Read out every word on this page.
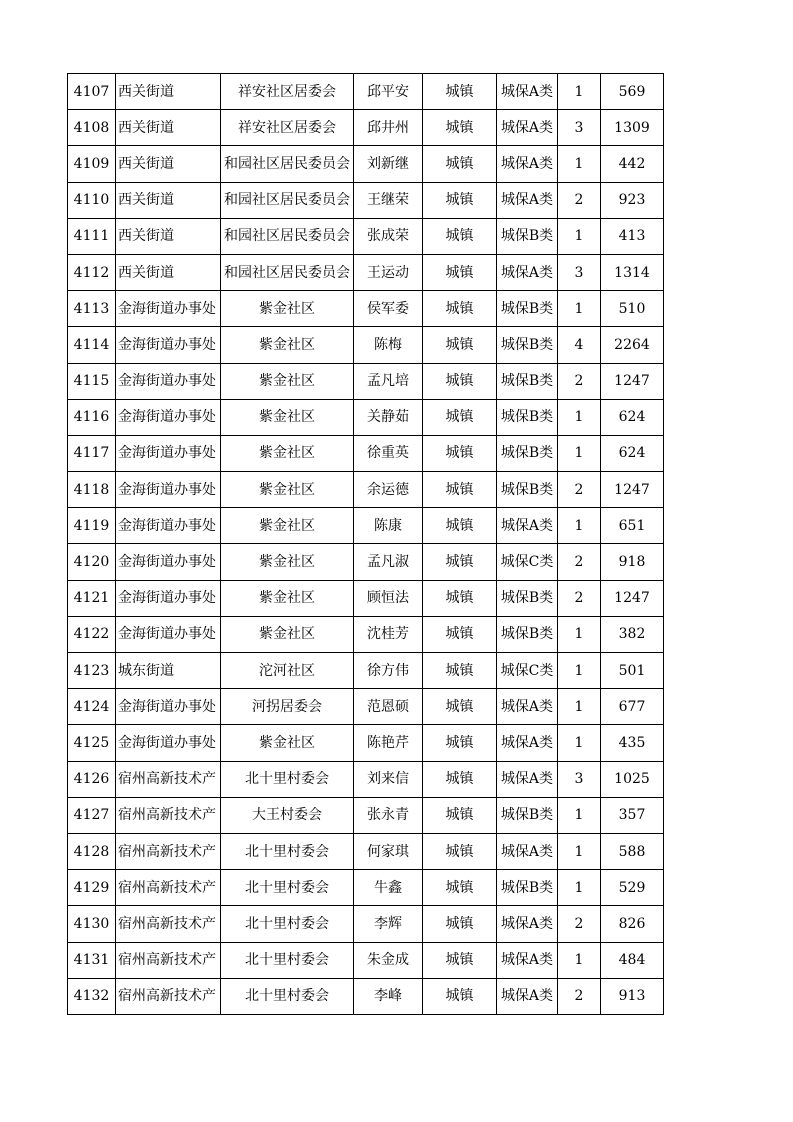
4107	西关街道	祥安社区居委会	邱平安	城镇	城保A类	1	569
4108	西关街道	祥安社区居委会	邱井州	城镇	城保A类	3	1309
4109	西关街道	和园社区居民委员会	刘新继	城镇	城保A类	1	442
4110	西关街道	和园社区居民委员会	王继荣	城镇	城保A类	2	923
4111	西关街道	和园社区居民委员会	张成荣	城镇	城保B类	1	413
4112	西关街道	和园社区居民委员会	王运动	城镇	城保A类	3	1314
4113	金海街道办事处	紫金社区	侯军委	城镇	城保B类	1	510
4114	金海街道办事处	紫金社区	陈梅	城镇	城保B类	4	2264
4115	金海街道办事处	紫金社区	孟凡培	城镇	城保B类	2	1247
4116	金海街道办事处	紫金社区	关静茹	城镇	城保B类	1	624
4117	金海街道办事处	紫金社区	徐重英	城镇	城保B类	1	624
4118	金海街道办事处	紫金社区	余运德	城镇	城保B类	2	1247
4119	金海街道办事处	紫金社区	陈康	城镇	城保A类	1	651
4120	金海街道办事处	紫金社区	孟凡淑	城镇	城保C类	2	918
4121	金海街道办事处	紫金社区	顾恒法	城镇	城保B类	2	1247
4122	金海街道办事处	紫金社区	沈桂芳	城镇	城保B类	1	382
4123	城东街道	沱河社区	徐方伟	城镇	城保C类	1	501
4124	金海街道办事处	河拐居委会	范恩硕	城镇	城保A类	1	677
4125	金海街道办事处	紫金社区	陈艳芹	城镇	城保A类	1	435
4126	宿州高新技术产	北十里村委会	刘来信	城镇	城保A类	3	1025
4127	宿州高新技术产	大王村委会	张永青	城镇	城保B类	1	357
4128	宿州高新技术产	北十里村委会	何家琪	城镇	城保A类	1	588
4129	宿州高新技术产	北十里村委会	牛鑫	城镇	城保B类	1	529
4130	宿州高新技术产	北十里村委会	李辉	城镇	城保A类	2	826
4131	宿州高新技术产	北十里村委会	朱金成	城镇	城保A类	1	484
4132	宿州高新技术产	北十里村委会	李峰	城镇	城保A类	2	913
